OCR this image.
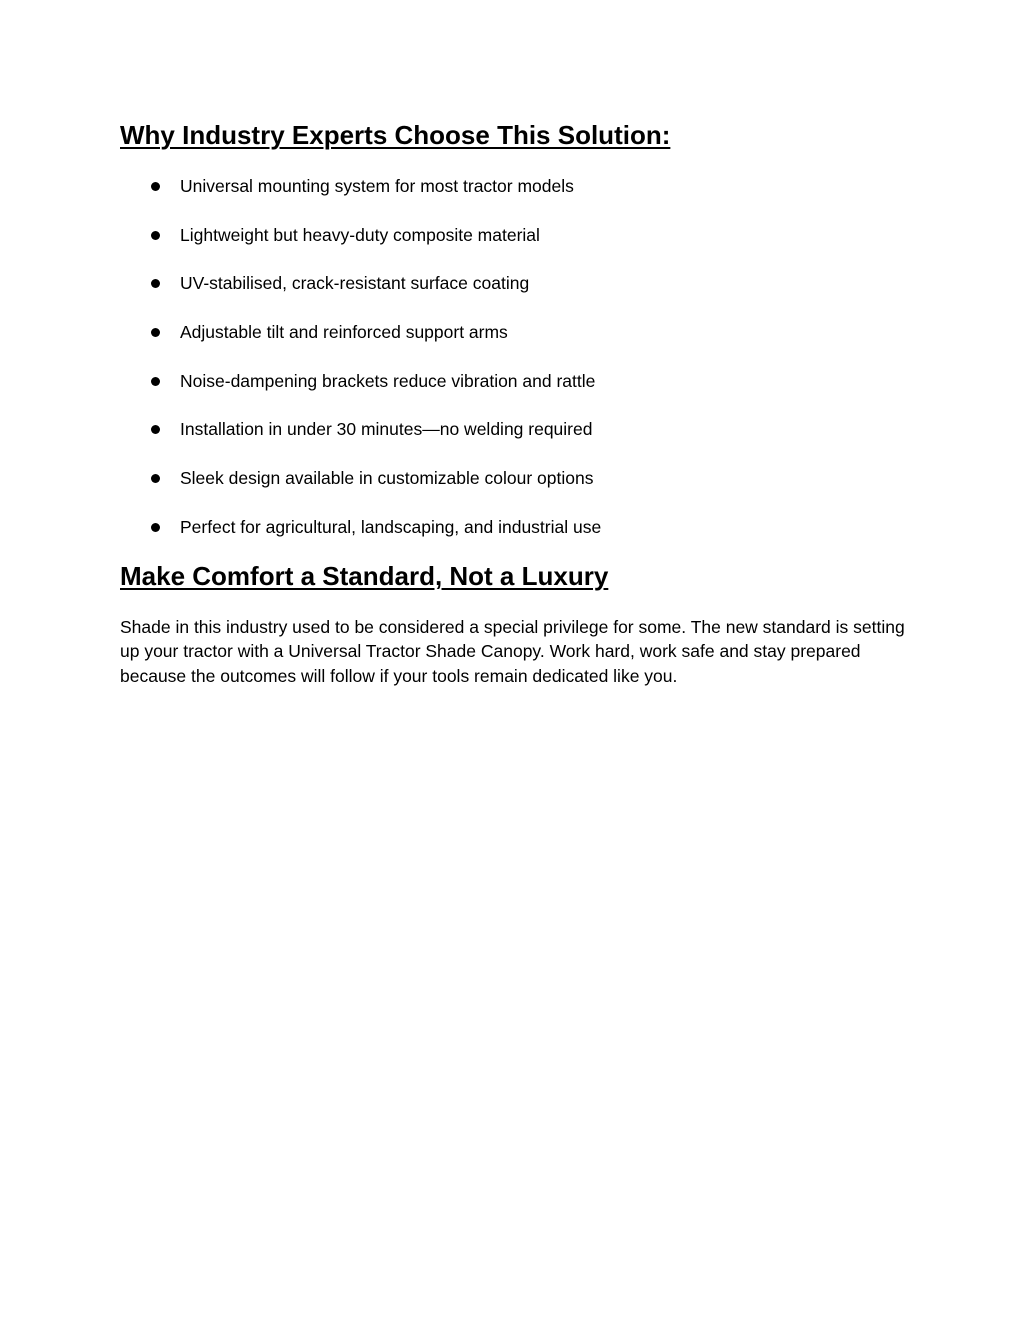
Why Industry Experts Choose This Solution:
Universal mounting system for most tractor models
Lightweight but heavy-duty composite material
UV-stabilised, crack-resistant surface coating
Adjustable tilt and reinforced support arms
Noise-dampening brackets reduce vibration and rattle
Installation in under 30 minutes—no welding required
Sleek design available in customizable colour options
Perfect for agricultural, landscaping, and industrial use
Make Comfort a Standard, Not a Luxury

Shade in this industry used to be considered a special privilege for some. The new standard is setting up your tractor with a Universal Tractor Shade Canopy. Work hard, work safe and stay prepared because the outcomes will follow if your tools remain dedicated like you.
